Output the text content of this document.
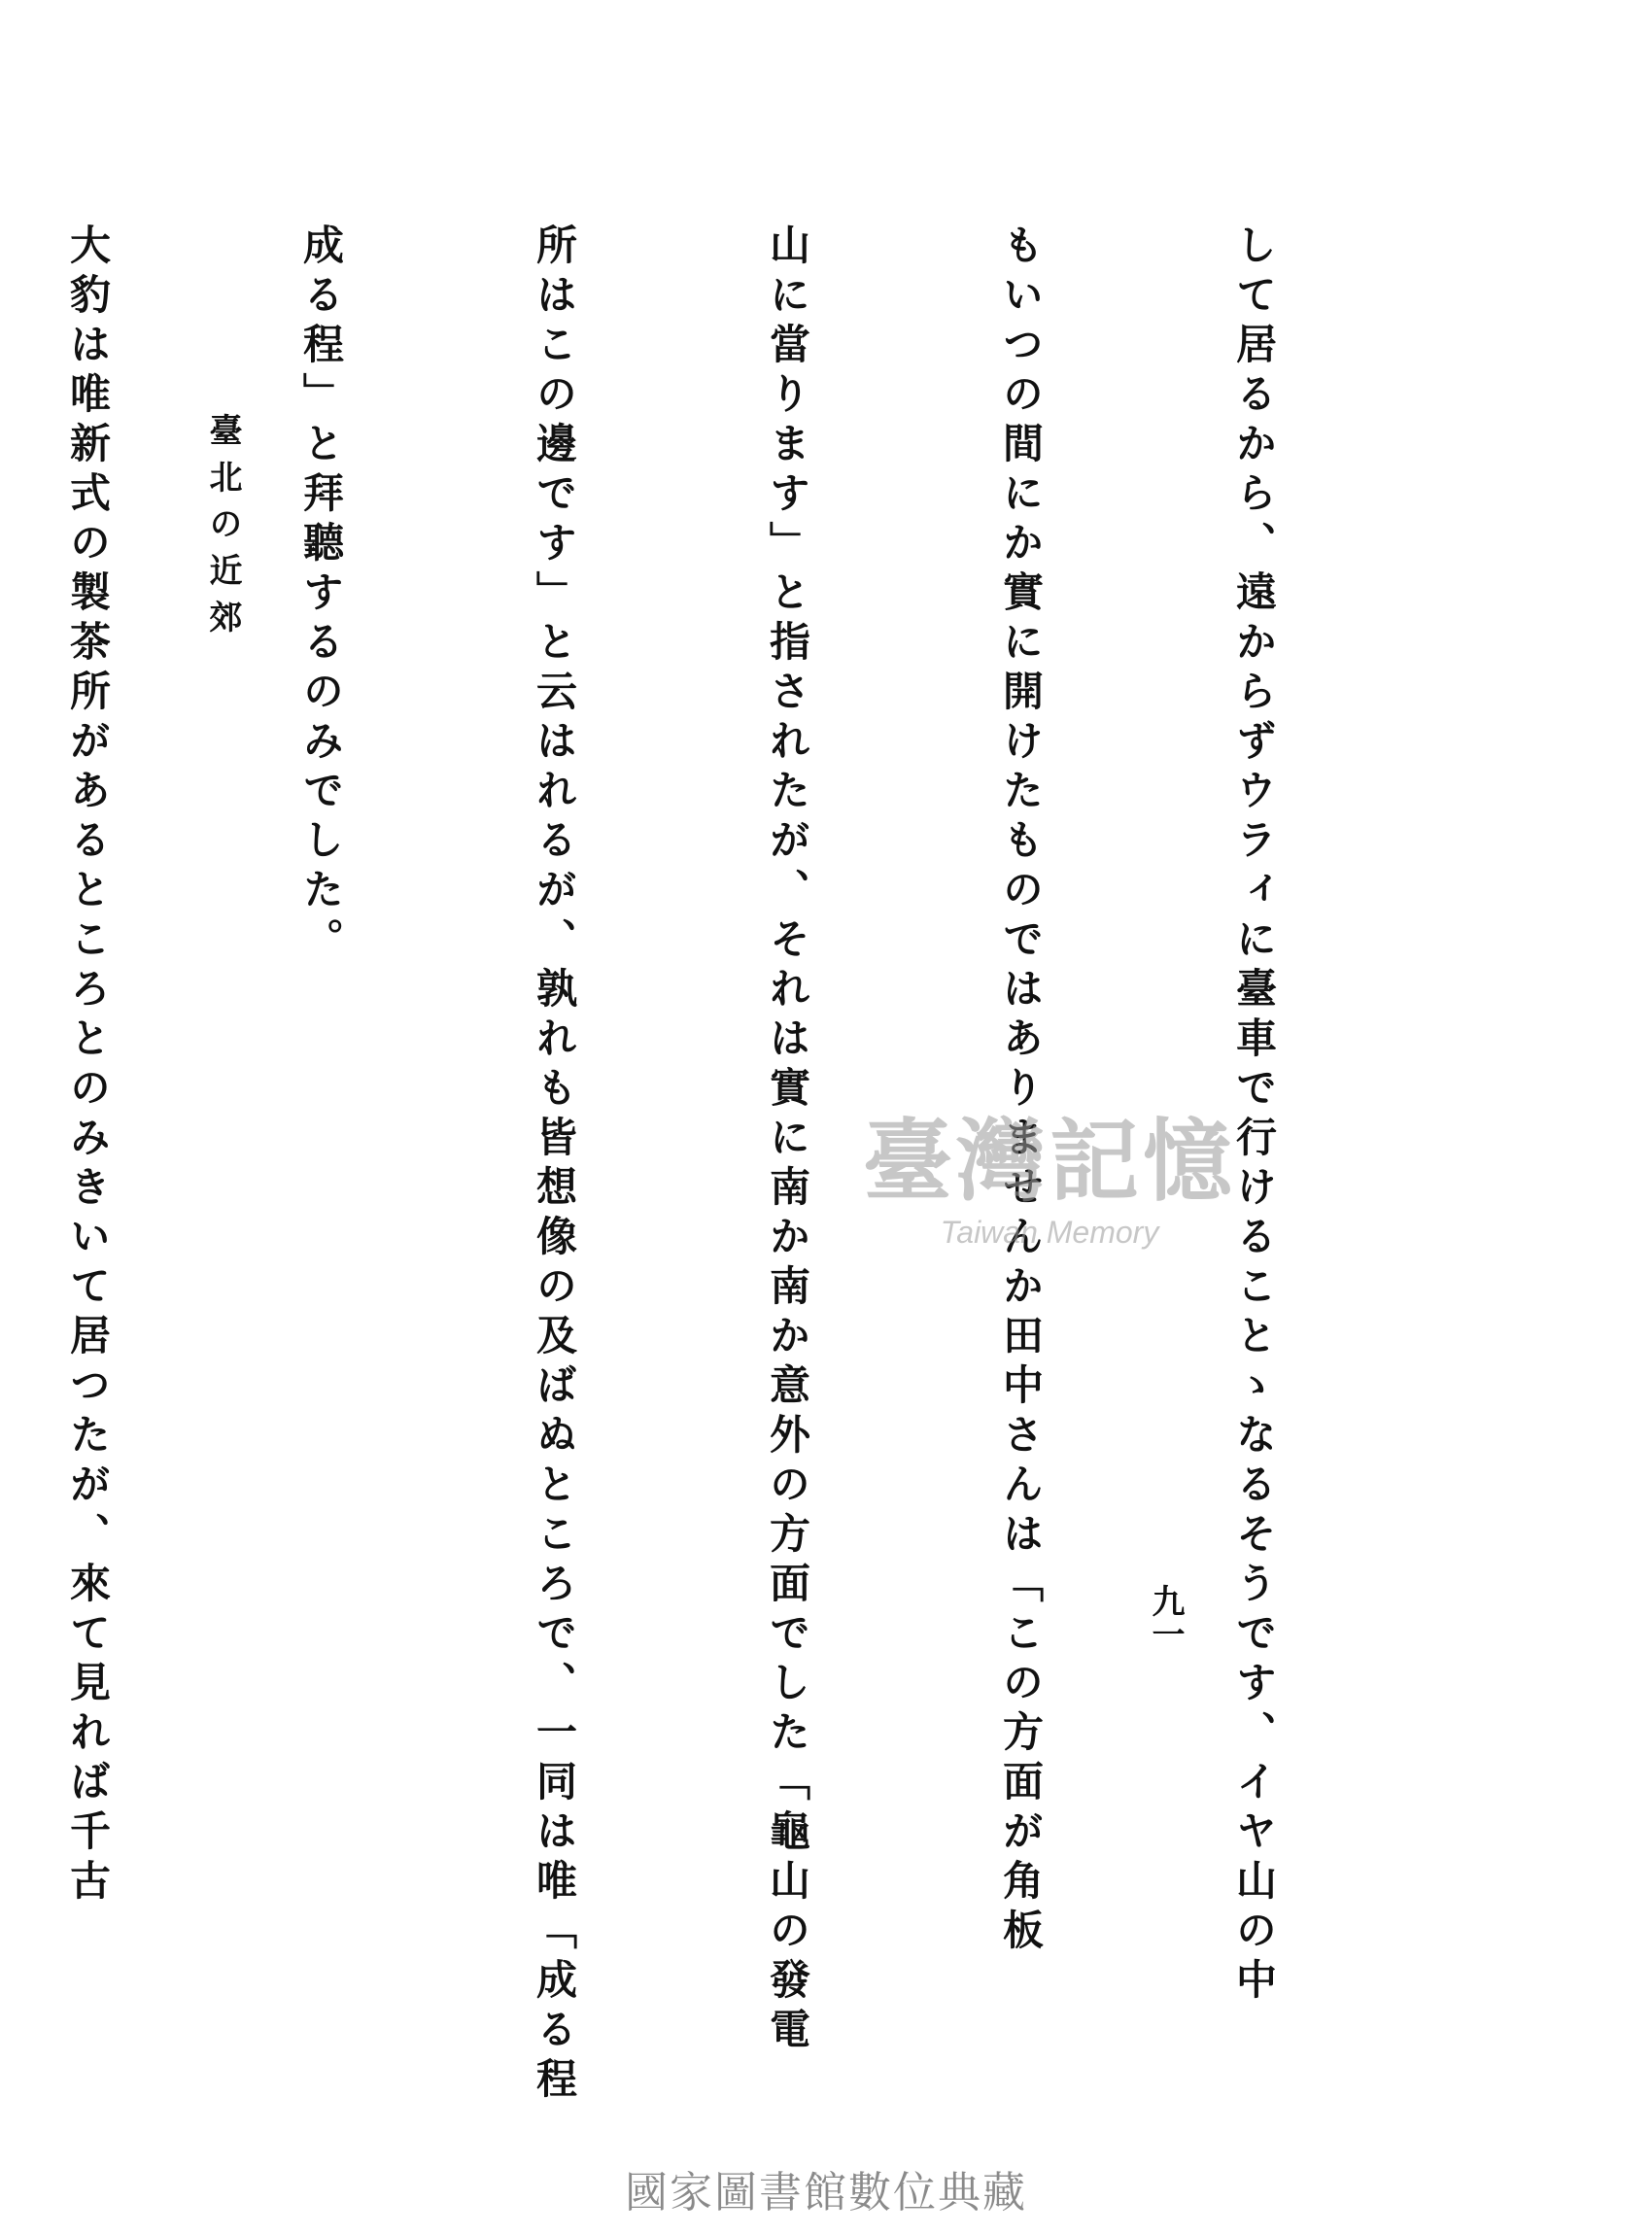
して居るから、遠からずウラィに臺車で行けることゝなるそうです、イヤ山の中

もいつの間にか實に開けたものではありませんか田中さんは「この方面が角板

山に當ります」と指されたが、それは實に南か南か意外の方面でした「龜山の發電

所はこの邊です」と云はれるが、孰れも皆想像の及ばぬところで、一同は唯「成る程

成る程」と拜聽するのみでした。

大豹は唯新式の製茶所があるところとのみきいて居つたが、來て見れば千古

	臺北の近郊
九一
臺灣記憶
Taiwan Memory
國家圖書館數位典藏
